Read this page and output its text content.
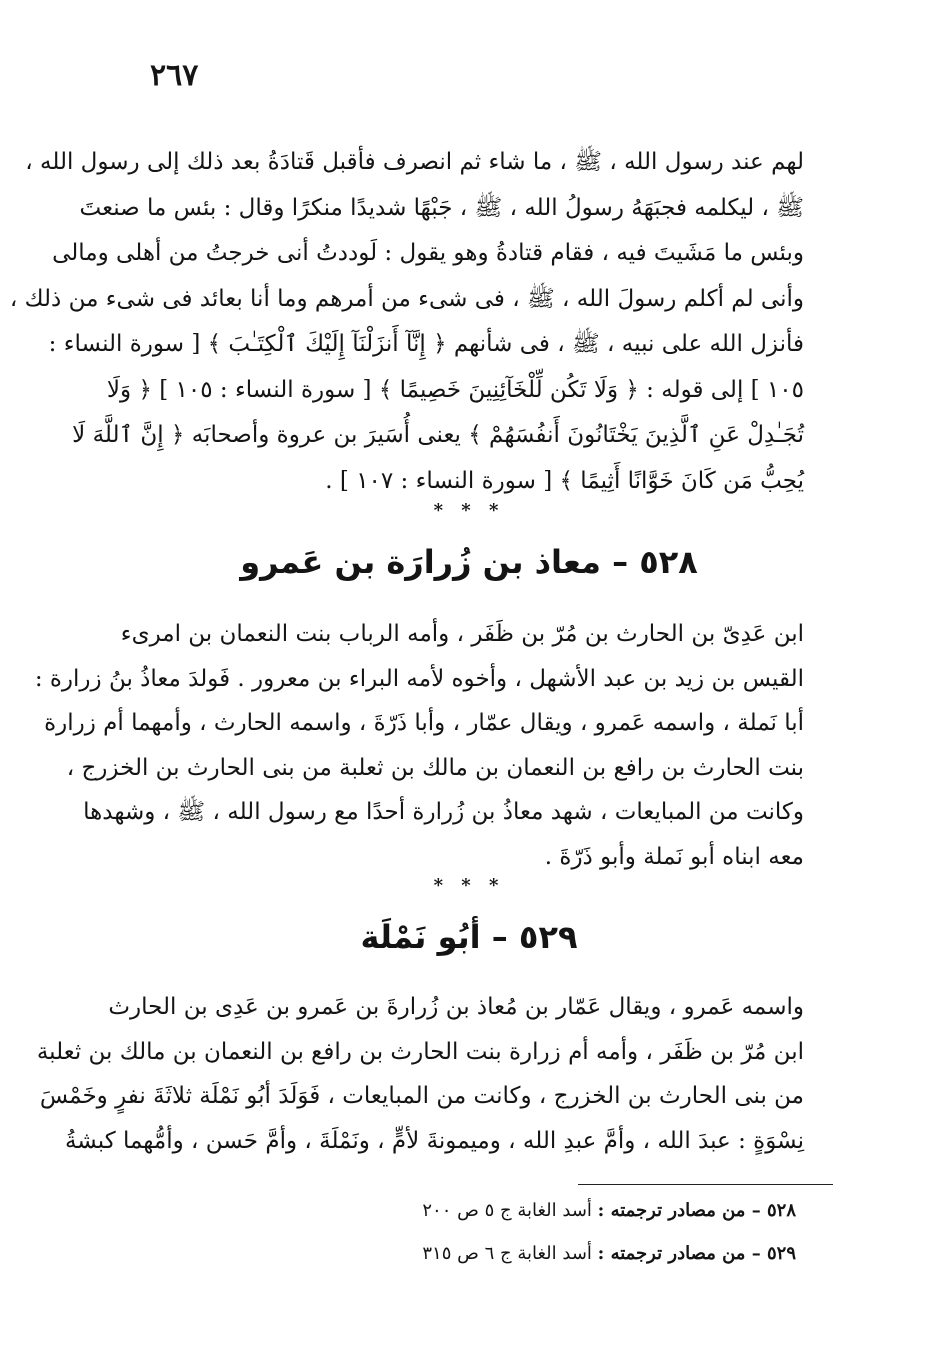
٢٦٧
لهم عند رسول الله ، ﷺ ، ما شاء ثم انصرف فأقبل قَتادَةُ بعد ذلك إلى رسول الله ،
ﷺ ، ليكلمه فجبَهَهُ رسولُ الله ، ﷺ ، جَبْهًا شديدًا منكرًا وقال : بئس ما صنعتَ
وبئس ما مَشَيتَ فيه ، فقام قتادةُ وهو يقول : لَوددتُ أنى خرجتُ من أهلى ومالى
وأنى لم أكلم رسولَ الله ، ﷺ ، فى شىء من أمرهم وما أنا بعائد فى شىء من ذلك ،
فأنزل الله على نبيه ، ﷺ ، فى شأنهم ﴿ إِنَّآ أَنزَلْنَآ إِلَيْكَ ٱلْكِتَـٰبَ ﴾ [ سورة النساء :
١٠٥ ] إلى قوله : ﴿ وَلَا تَكُن لِّلْخَآئِنِينَ خَصِيمًا ﴾ [ سورة النساء : ١٠٥ ] ﴿ وَلَا
تُجَـٰدِلْ عَنِ ٱلَّذِينَ يَخْتَانُونَ أَنفُسَهُمْ ﴾ يعنى أُسَيرَ بن عروة وأصحابَه ﴿ إِنَّ ٱللَّهَ لَا
يُحِبُّ مَن كَانَ خَوَّانًا أَثِيمًا ﴾ [ سورة النساء : ١٠٧ ] .
* * *
٥٢٨ – معاذ بن زُرارَة بن عَمرو
ابن عَدِىّ بن الحارث بن مُرّ بن ظَفَر ، وأمه الرباب بنت النعمان بن امرىء
القيس بن زيد بن عبد الأشهل ، وأخوه لأمه البراء بن معرور . فَولدَ معاذُ بنُ زرارة :
أبا نَملة ، واسمه عَمرو ، ويقال عمّار ، وأبا ذَرّةَ ، واسمه الحارث ، وأمهما أم زرارة
بنت الحارث بن رافع بن النعمان بن مالك بن ثعلبة من بنى الحارث بن الخزرج ،
وكانت من المبايعات ، شهد معاذُ بن زُرارة أحدًا مع رسول الله ، ﷺ ، وشهدها
معه ابناه أبو نَملة وأبو ذَرّةَ .
* * *
٥٢٩ – أبُو نَمْلَة
واسمه عَمرو ، ويقال عَمّار بن مُعاذ بن زُرارةَ بن عَمرو بن عَدِى بن الحارث
ابن مُرّ بن ظَفَر ، وأمه أم زرارة بنت الحارث بن رافع بن النعمان بن مالك بن ثعلبة
من بنى الحارث بن الخزرج ، وكانت من المبايعات ، فَوَلَدَ أبُو نَمْلَة ثلاثَةَ نفرٍ وخَمْسَ
نِسْوَةٍ : عبدَ الله ، وأمَّ عبدِ الله ، وميمونةَ لأمٍّ ، ونَمْلَةَ ، وأمَّ حَسن ، وأمُّهما كبشةُ
٥٢٨ – من مصادر ترجمته : أسد الغابة ج ٥ ص ٢٠٠
٥٢٩ – من مصادر ترجمته : أسد الغابة ج ٦ ص ٣١٥
